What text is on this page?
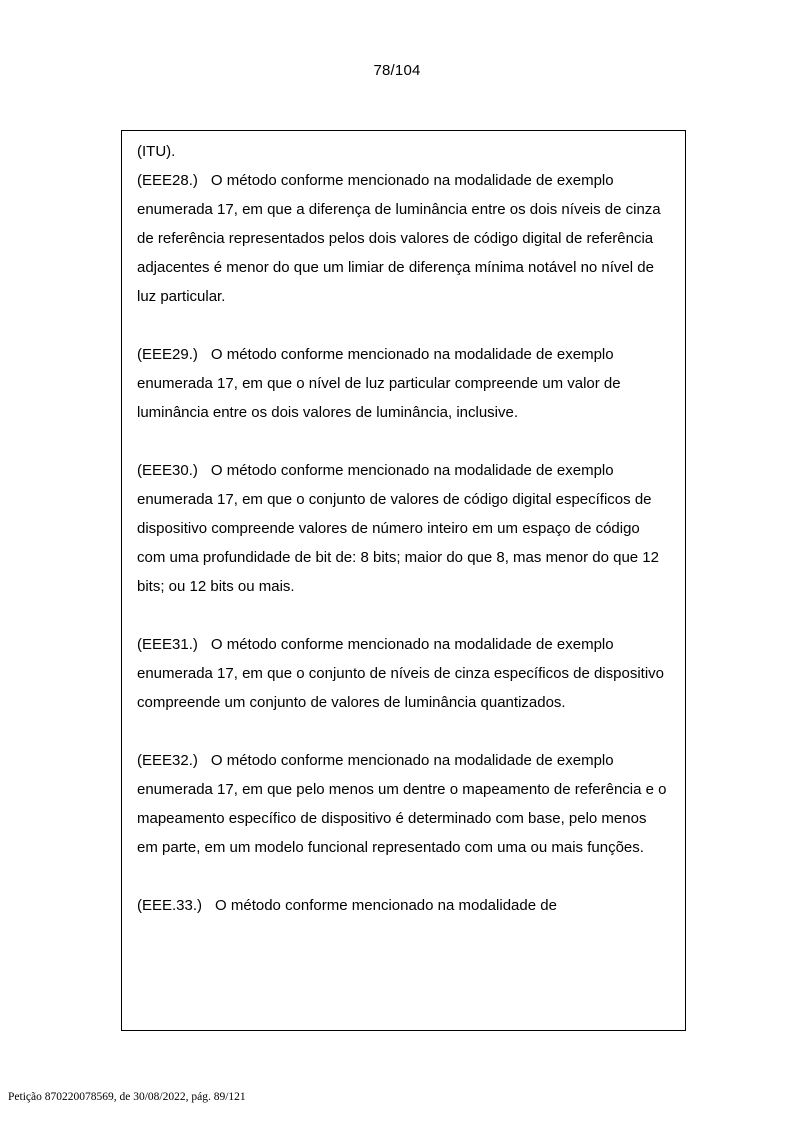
78/104

(ITU).

(EEE28.) O método conforme mencionado na modalidade de exemplo enumerada 17, em que a diferença de luminância entre os dois níveis de cinza de referência representados pelos dois valores de código digital de referência adjacentes é menor do que um limiar de diferença mínima notável no nível de luz particular.

(EEE29.) O método conforme mencionado na modalidade de exemplo enumerada 17, em que o nível de luz particular compreende um valor de luminância entre os dois valores de luminância, inclusive.

(EEE30.) O método conforme mencionado na modalidade de exemplo enumerada 17, em que o conjunto de valores de código digital específicos de dispositivo compreende valores de número inteiro em um espaço de código com uma profundidade de bit de: 8 bits; maior do que 8, mas menor do que 12 bits; ou 12 bits ou mais.

(EEE31.) O método conforme mencionado na modalidade de exemplo enumerada 17, em que o conjunto de níveis de cinza específicos de dispositivo compreende um conjunto de valores de luminância quantizados.

(EEE32.) O método conforme mencionado na modalidade de exemplo enumerada 17, em que pelo menos um dentre o mapeamento de referência e o mapeamento específico de dispositivo é determinado com base, pelo menos em parte, em um modelo funcional representado com uma ou mais funções.

(EEE.33.) O método conforme mencionado na modalidade de

Petição 870220078569, de 30/08/2022, pág. 89/121
